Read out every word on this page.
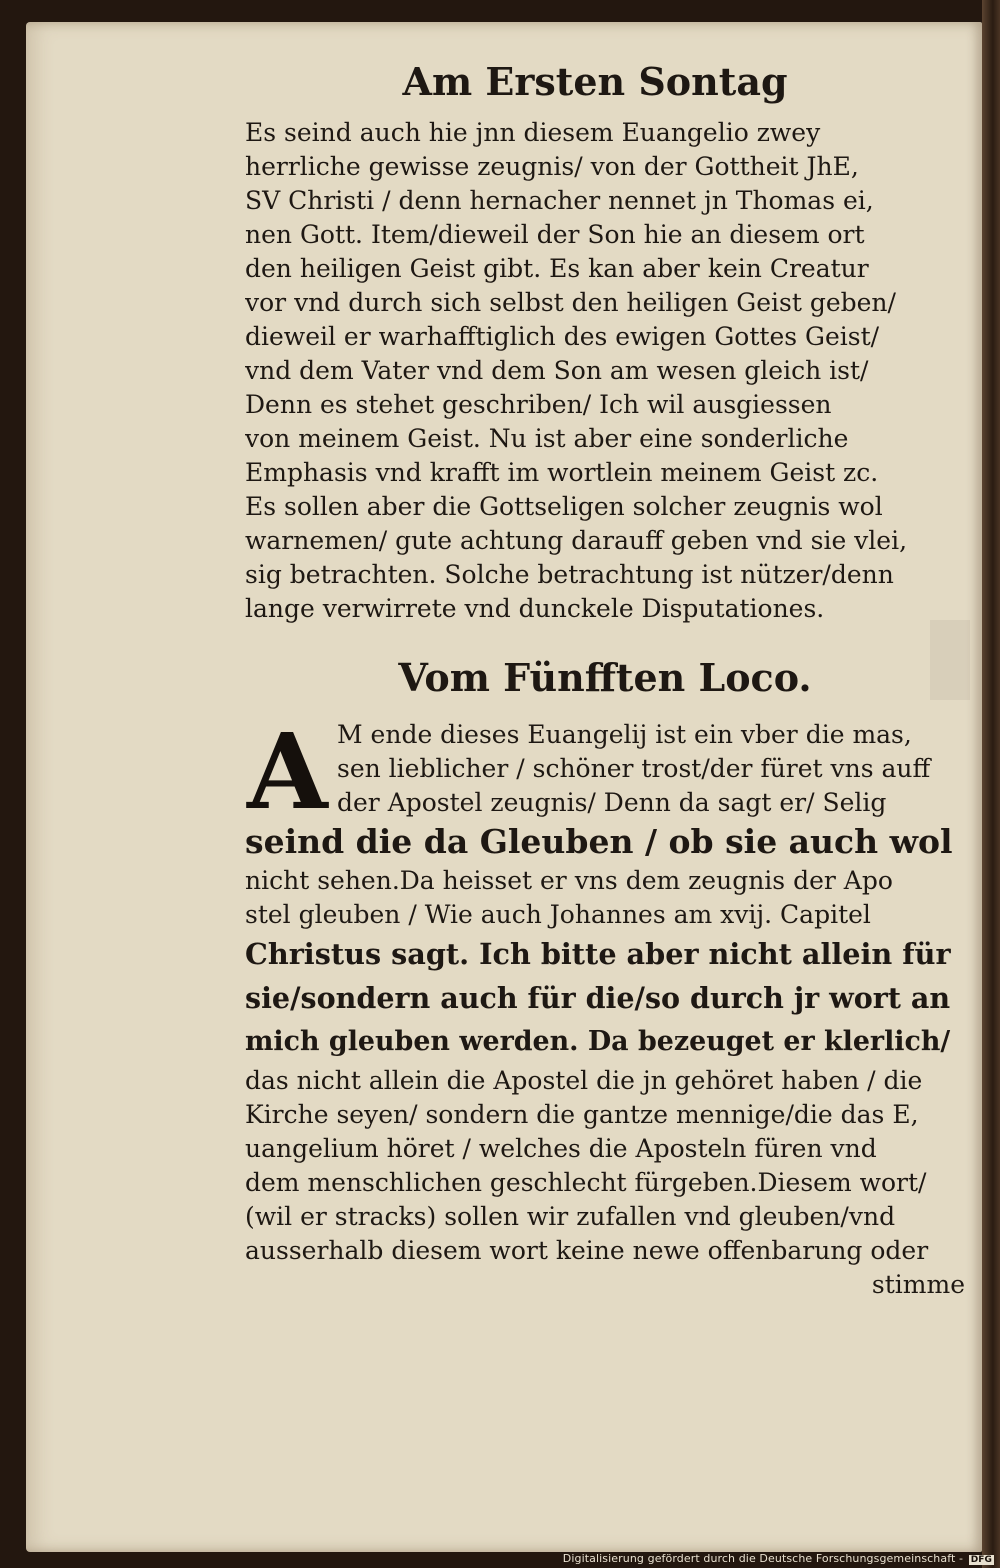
Am Ersten Sontag
Es seind auch hie jnn diesem Euangelio zwey
herrliche gewisse zeugnis/ von der Gottheit JhE,
SV Christi / denn hernacher nennet jn Thomas ei,
nen Gott. Item/dieweil der Son hie an diesem ort
den heiligen Geist gibt. Es kan aber kein Creatur
vor vnd durch sich selbst den heiligen Geist geben/
dieweil er warhafftiglich des ewigen Gottes Geist/
vnd dem Vater vnd dem Son am wesen gleich ist/
Denn es stehet geschriben/ Ich wil ausgiessen
von meinem Geist. Nu ist aber eine sonderliche
Emphasis vnd krafft im wortlein meinem Geist zc.
Es sollen aber die Gottseligen solcher zeugnis wol
warnemen/ gute achtung darauff geben vnd sie vlei,
sig betrachten. Solche betrachtung ist nützer/denn
lange verwirrete vnd dunckele Disputationes.
Vom Fünfften Loco.
A M ende dieses Euangelij ist ein vber die mas,
sen lieblicher / schöner trost/der füret vns auff
der Apostel zeugnis/ Denn da sagt er/ Selig
seind die da Gleuben / ob sie auch wol
nicht sehen.Da heisset er vns dem zeugnis der Apo
stel gleuben / Wie auch Johannes am xvij. Capitel
Christus sagt. Ich bitte aber nicht allein für
sie/sondern auch für die/so durch jr wort an
mich gleuben werden. Da bezeuget er klerlich/
das nicht allein die Apostel die jn gehöret haben / die
Kirche seyen/ sondern die gantze mennige/die das E,
uangelium höret / welches die Aposteln füren vnd
dem menschlichen geschlecht fürgeben.Diesem wort/
(wil er stracks) sollen wir zufallen vnd gleuben/vnd
ausserhalb diesem wort keine newe offenbarung oder
stimme
Digitalisierung gefördert durch die Deutsche Forschungsgemeinschaft - DFG
